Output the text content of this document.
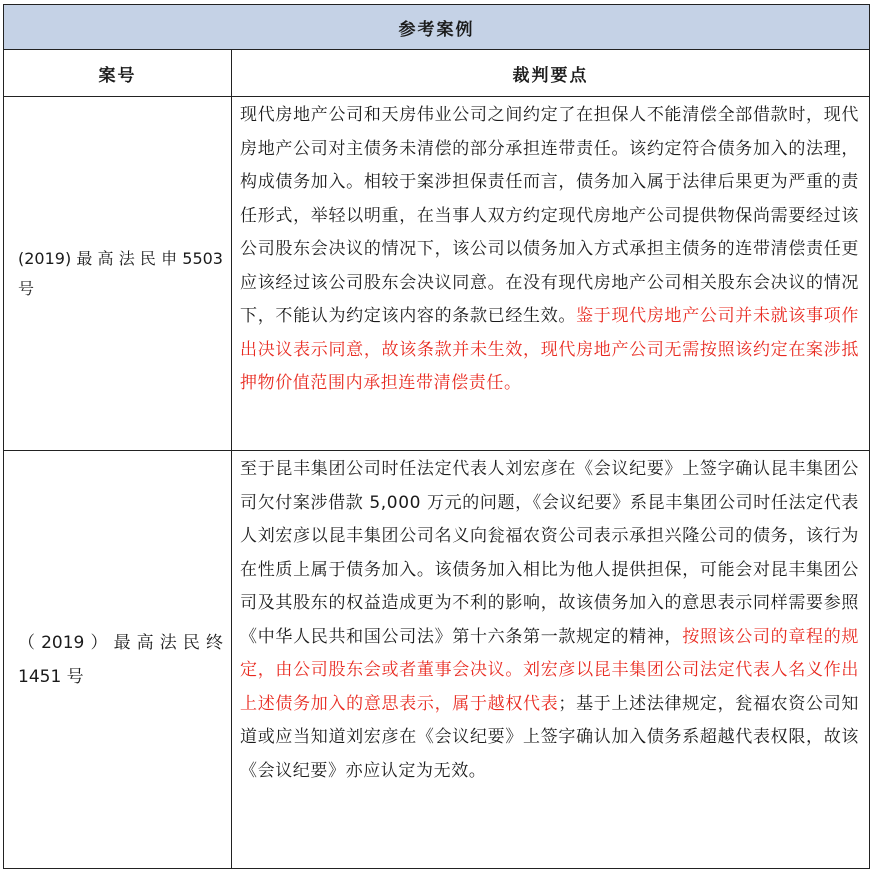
参考案例	
案号	裁判要点
(2019) 最 高 法 民 申 5503 号	现代房地产公司和天房伟业公司之间约定了在担保人不能清偿全部借款时，现代房地产公司对主债务未清偿的部分承担连带责任。该约定符合债务加入的法理，构成债务加入。相较于案涉担保责任而言，债务加入属于法律后果更为严重的责任形式，举轻以明重，在当事人双方约定现代房地产公司提供物保尚需要经过该公司股东会决议的情况下，该公司以债务加入方式承担主债务的连带清偿责任更应该经过该公司股东会决议同意。在没有现代房地产公司相关股东会决议的情况下，不能认为约定该内容的条款已经生效。鉴于现代房地产公司并未就该事项作出决议表示同意，故该条款并未生效，现代房地产公司无需按照该约定在案涉抵押物价值范围内承担连带清偿责任。
（2019）最高法民终 1451 号	至于昆丰集团公司时任法定代表人刘宏彦在《会议纪要》上签字确认昆丰集团公司欠付案涉借款 5,000 万元的问题，《会议纪要》系昆丰集团公司时任法定代表人刘宏彦以昆丰集团公司名义向瓮福农资公司表示承担兴隆公司的债务，该行为在性质上属于债务加入。该债务加入相比为他人提供担保，可能会对昆丰集团公司及其股东的权益造成更为不利的影响，故该债务加入的意思表示同样需要参照《中华人民共和国公司法》第十六条第一款规定的精神，按照该公司的章程的规定，由公司股东会或者董事会决议。刘宏彦以昆丰集团公司法定代表人名义作出上述债务加入的意思表示，属于越权代表；基于上述法律规定，瓮福农资公司知道或应当知道刘宏彦在《会议纪要》上签字确认加入债务系超越代表权限，故该《会议纪要》亦应认定为无效。
